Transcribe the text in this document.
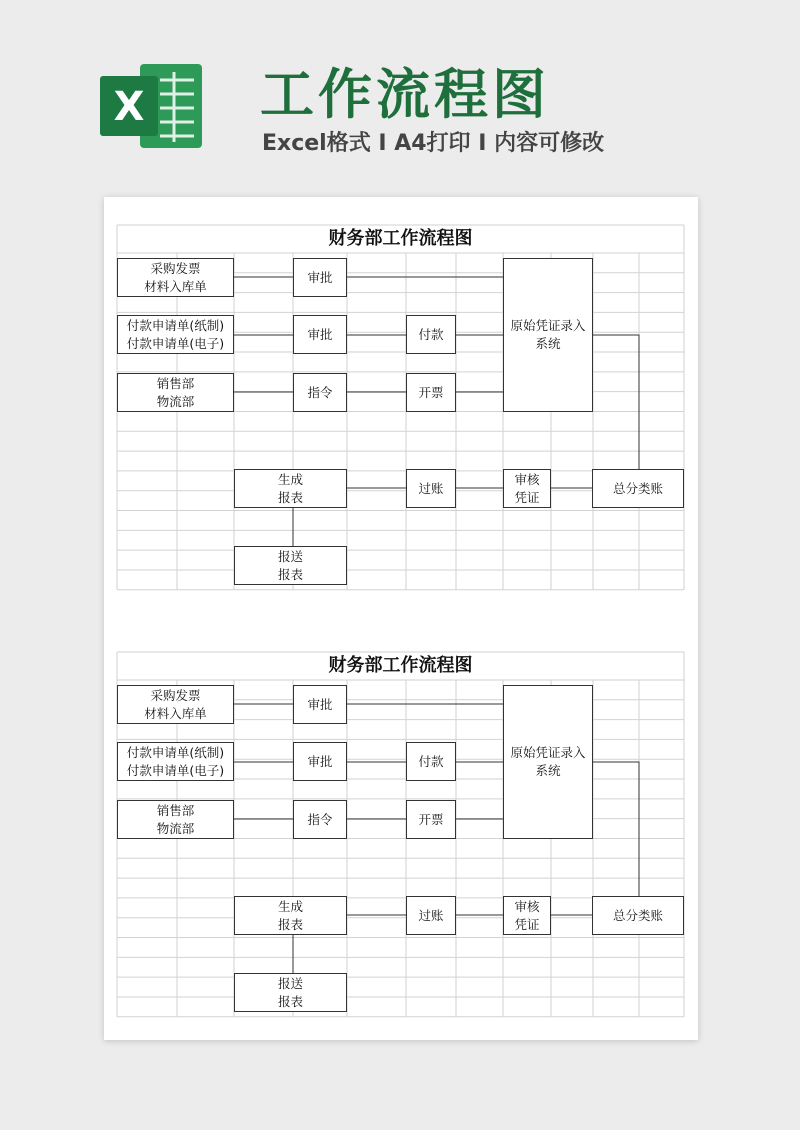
X 工作流程图
Excel格式 I A4打印 I 内容可修改
财务部工作流程图
采购发票
材料入库单
付款申请单(纸制)
付款申请单(电子)
销售部
物流部
审批
审批
指令
付款
开票
原始凭证录入
系统
总分类账
审核
凭证
过账
生成
报表
报送
报表
财务部工作流程图
采购发票
材料入库单
付款申请单(纸制)
付款申请单(电子)
销售部
物流部
审批
审批
指令
付款
开票
原始凭证录入
系统
总分类账
审核
凭证
过账
生成
报表
报送
报表
